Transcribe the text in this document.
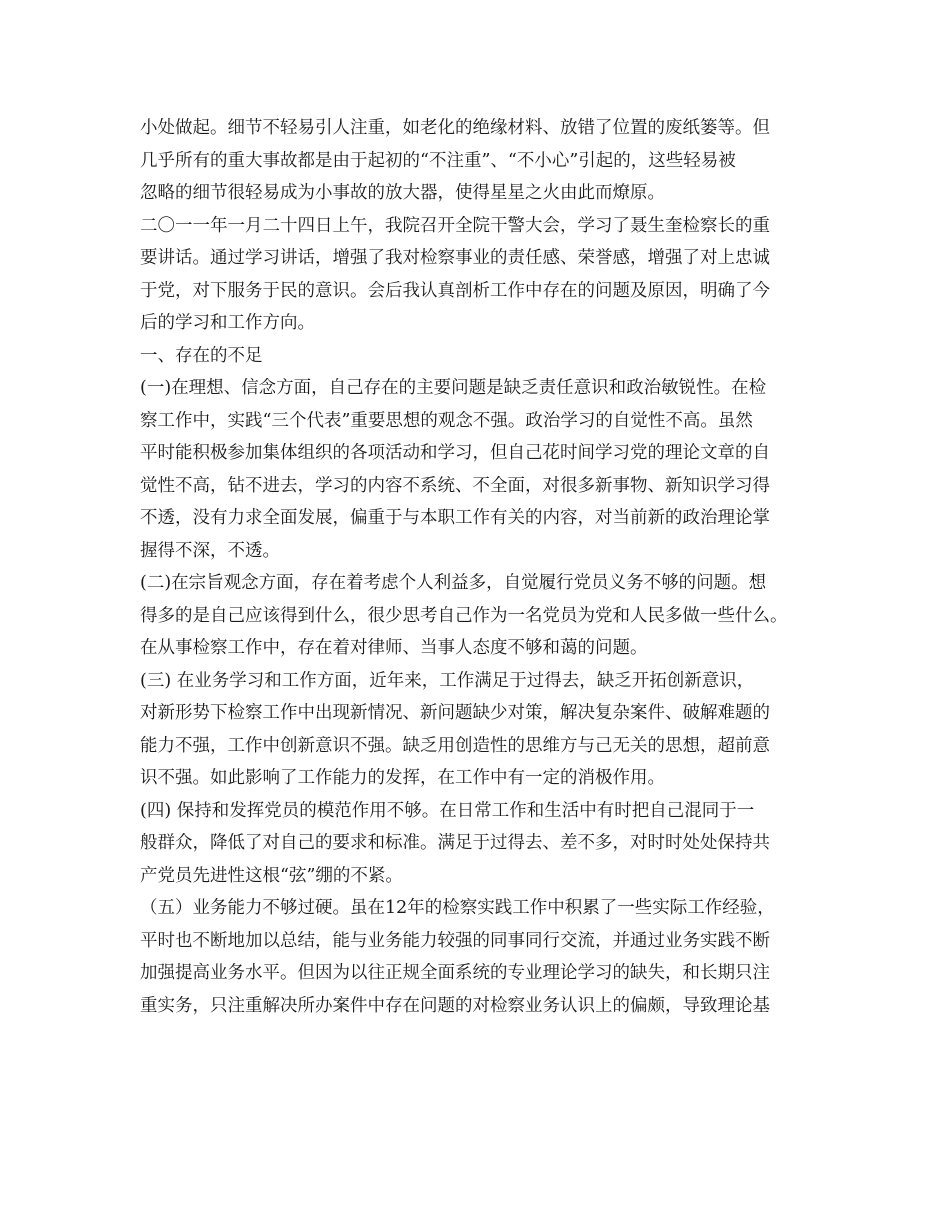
小处做起。细节不轻易引人注重，如老化的绝缘材料、放错了位置的废纸篓等。但
几乎所有的重大事故都是由于起初的“不注重”、“不小心”引起的，这些轻易被
忽略的细节很轻易成为小事故的放大器，使得星星之火由此而燎原。
二〇一一年一月二十四日上午，我院召开全院干警大会，学习了聂生奎检察长的重
要讲话。通过学习讲话，增强了我对检察事业的责任感、荣誉感，增强了对上忠诚
于党，对下服务于民的意识。会后我认真剖析工作中存在的问题及原因，明确了今
后的学习和工作方向。
一、存在的不足
(一)在理想、信念方面，自己存在的主要问题是缺乏责任意识和政治敏锐性。在检
察工作中，实践“三个代表”重要思想的观念不强。政治学习的自觉性不高。虽然
平时能积极参加集体组织的各项活动和学习，但自己花时间学习党的理论文章的自
觉性不高，钻不进去，学习的内容不系统、不全面，对很多新事物、新知识学习得
不透，没有力求全面发展，偏重于与本职工作有关的内容，对当前新的政治理论掌
握得不深，不透。
(二)在宗旨观念方面，存在着考虑个人利益多，自觉履行党员义务不够的问题。想
得多的是自己应该得到什么，很少思考自己作为一名党员为党和人民多做一些什么。
在从事检察工作中，存在着对律师、当事人态度不够和蔼的问题。
(三) 在业务学习和工作方面，近年来，工作满足于过得去，缺乏开拓创新意识，
对新形势下检察工作中出现新情况、新问题缺少对策，解决复杂案件、破解难题的
能力不强，工作中创新意识不强。缺乏用创造性的思维方与己无关的思想，超前意
识不强。如此影响了工作能力的发挥，在工作中有一定的消极作用。
(四) 保持和发挥党员的模范作用不够。在日常工作和生活中有时把自己混同于一
般群众，降低了对自己的要求和标准。满足于过得去、差不多，对时时处处保持共
产党员先进性这根“弦”绷的不紧。
（五）业务能力不够过硬。虽在12年的检察实践工作中积累了一些实际工作经验，
平时也不断地加以总结，能与业务能力较强的同事同行交流，并通过业务实践不断
加强提高业务水平。但因为以往正规全面系统的专业理论学习的缺失，和长期只注
重实务，只注重解决所办案件中存在问题的对检察业务认识上的偏颇，导致理论基
